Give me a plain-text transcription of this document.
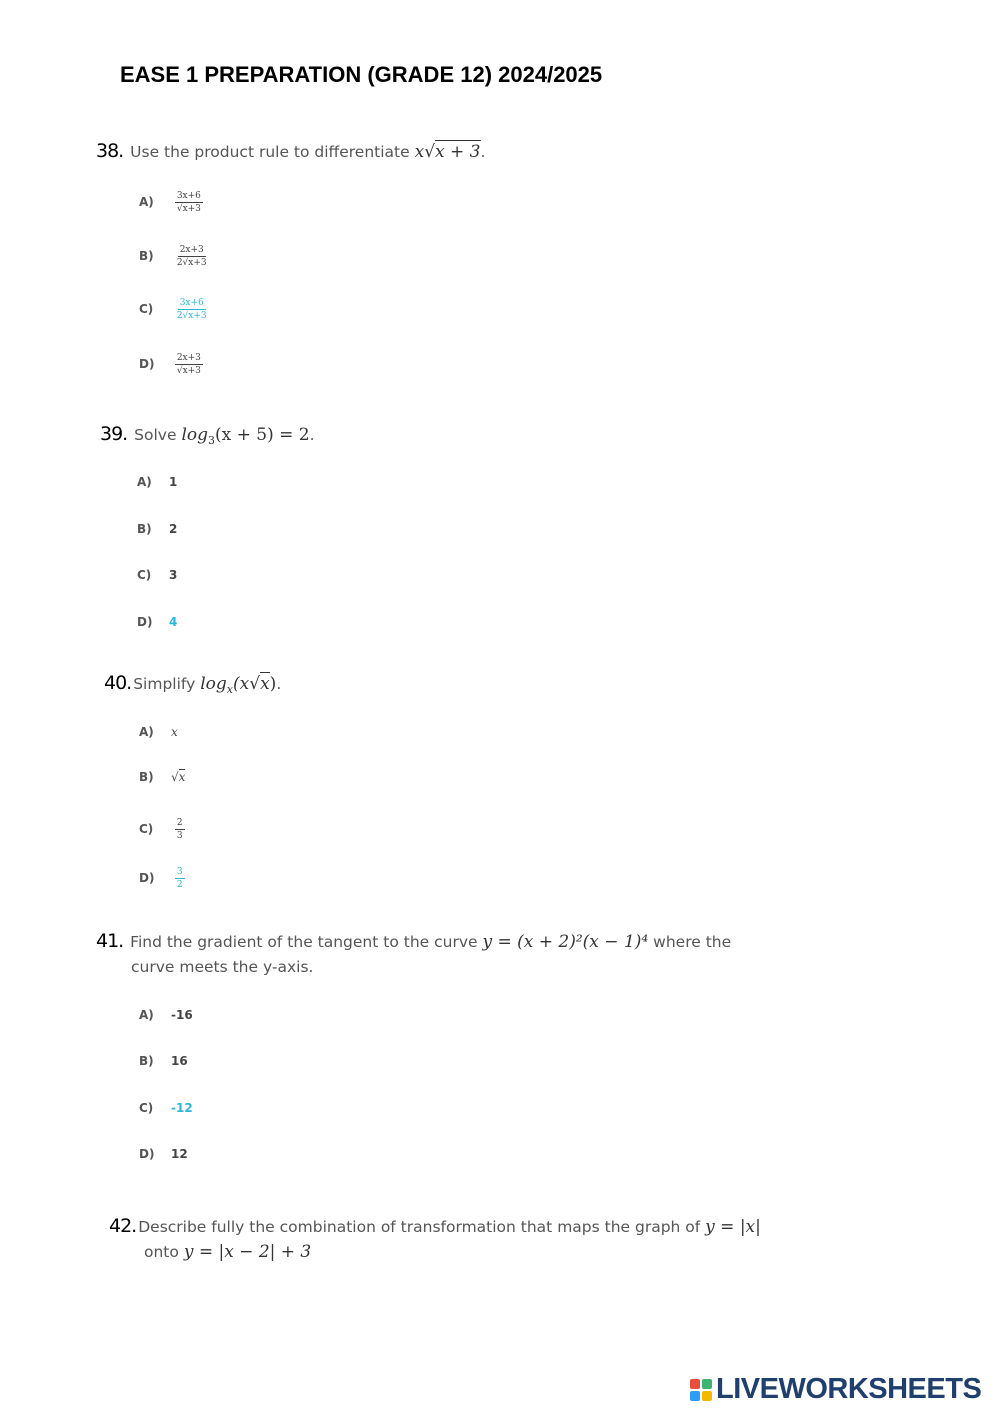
EASE 1 PREPARATION (GRADE 12) 2024/2025
38. Use the product rule to differentiate x√x + 3.
$A) \frac{3x+6}{√x+3}$
$B) \frac{2x+3}{2√x+3}$
$C) \frac{3x+6}{2√x+3}$
$D) \frac{2x+3}{√x+3}$
39. Solve $\log_3(x + 5) = 2$.
A) 1
B) 2
C) 3
D) 4
40. Simplify $\log_x(x√x)$.
A) x
B) √x
$C) \frac{2}{3}$
$D) \frac{3}{2}$
41. Find the gradient of the tangent to the curve y = (x + 2)²(x − 1)⁴ where the
curve meets the y-axis.
A) -16
B) 16
C) -12
D) 12
42. Describe fully the combination of transformation that maps the graph of y = |x|
onto y = |x − 2| + 3
LIVEWORKSHEETS
